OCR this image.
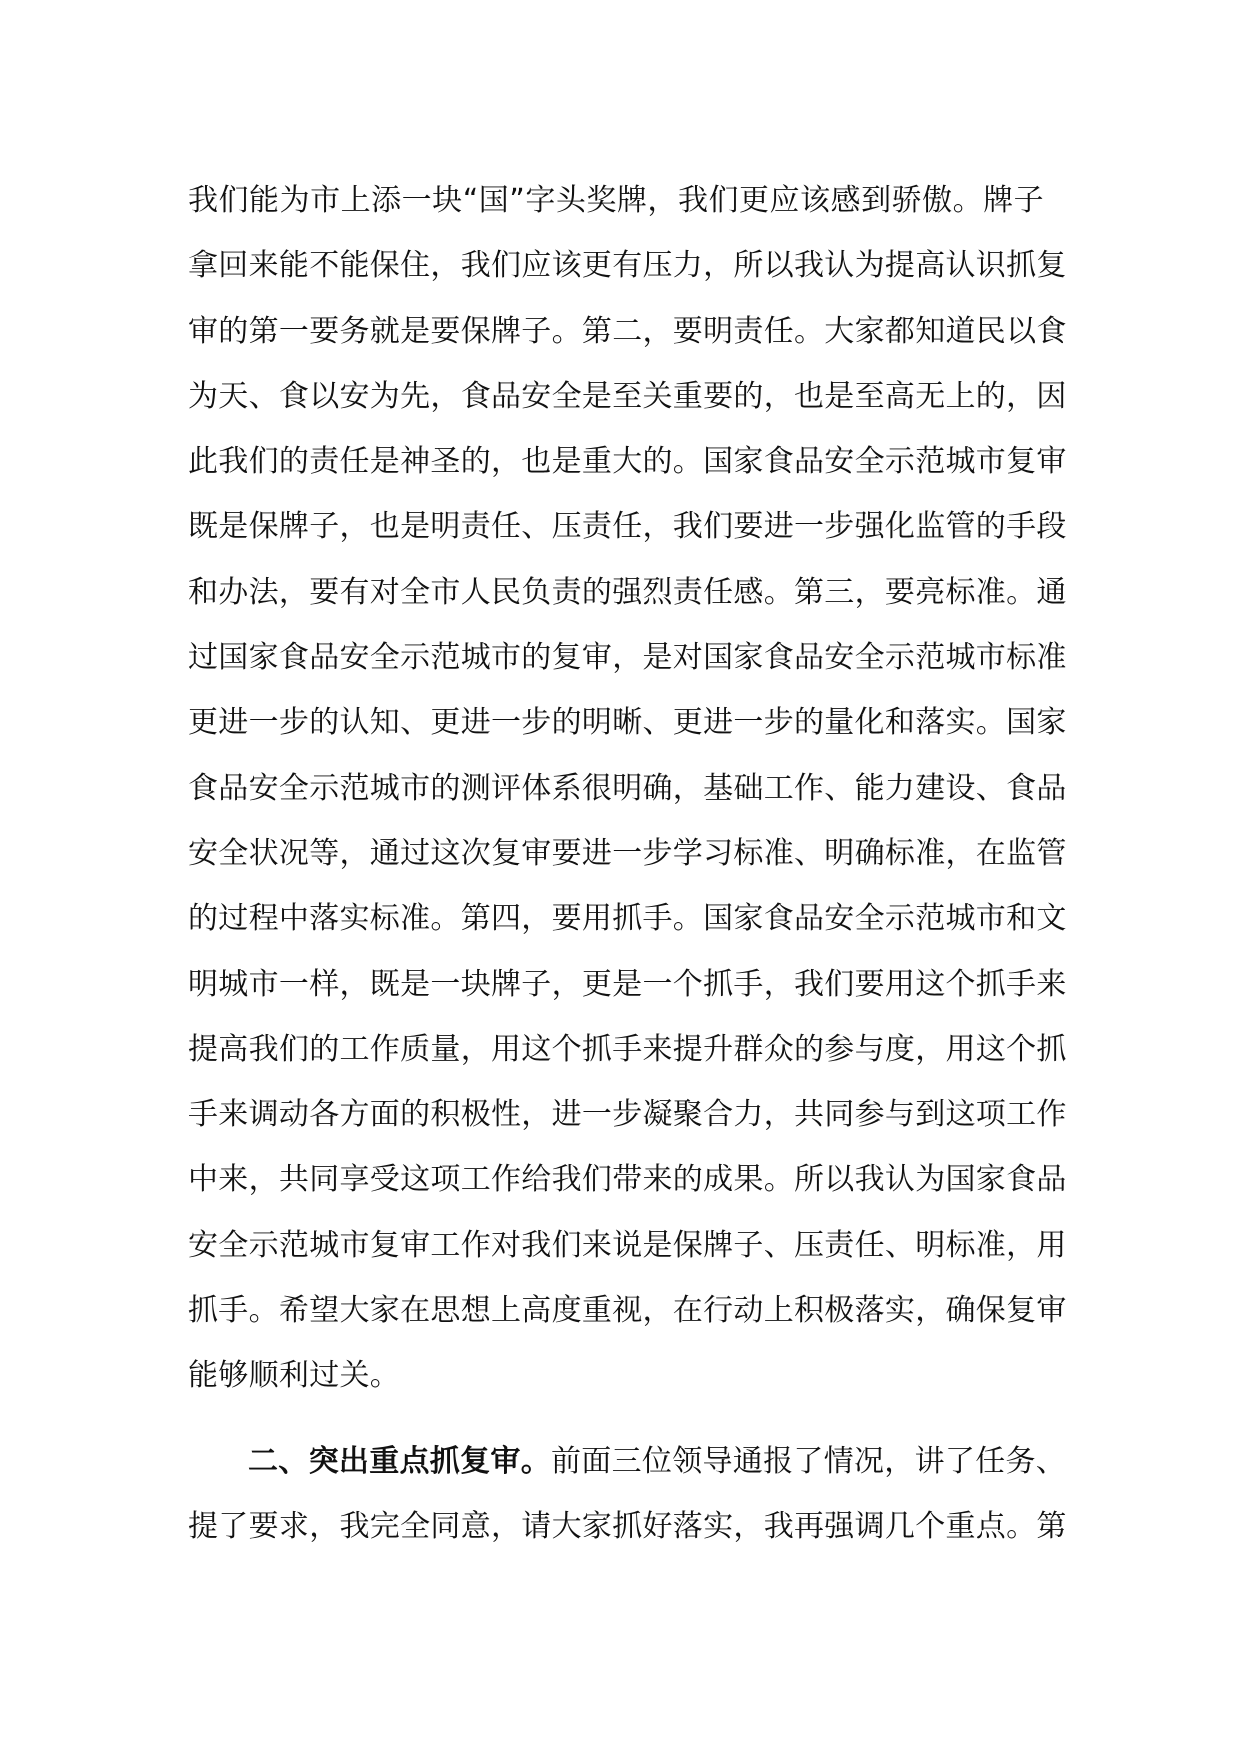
我们能为市上添一块“国”字头奖牌，我们更应该感到骄傲。牌子
拿回来能不能保住，我们应该更有压力，所以我认为提高认识抓复
审的第一要务就是要保牌子。第二，要明责任。大家都知道民以食
为天、食以安为先，食品安全是至关重要的，也是至高无上的，因
此我们的责任是神圣的，也是重大的。国家食品安全示范城市复审
既是保牌子，也是明责任、压责任，我们要进一步强化监管的手段
和办法，要有对全市人民负责的强烈责任感。第三，要亮标准。通
过国家食品安全示范城市的复审，是对国家食品安全示范城市标准
更进一步的认知、更进一步的明晰、更进一步的量化和落实。国家
食品安全示范城市的测评体系很明确，基础工作、能力建设、食品
安全状况等，通过这次复审要进一步学习标准、明确标准，在监管
的过程中落实标准。第四，要用抓手。国家食品安全示范城市和文
明城市一样，既是一块牌子，更是一个抓手，我们要用这个抓手来
提高我们的工作质量，用这个抓手来提升群众的参与度，用这个抓
手来调动各方面的积极性，进一步凝聚合力，共同参与到这项工作
中来，共同享受这项工作给我们带来的成果。所以我认为国家食品
安全示范城市复审工作对我们来说是保牌子、压责任、明标准，用
抓手。希望大家在思想上高度重视，在行动上积极落实，确保复审
能够顺利过关。
二、突出重点抓复审。前面三位领导通报了情况，讲了任务、
提了要求，我完全同意，请大家抓好落实，我再强调几个重点。第
